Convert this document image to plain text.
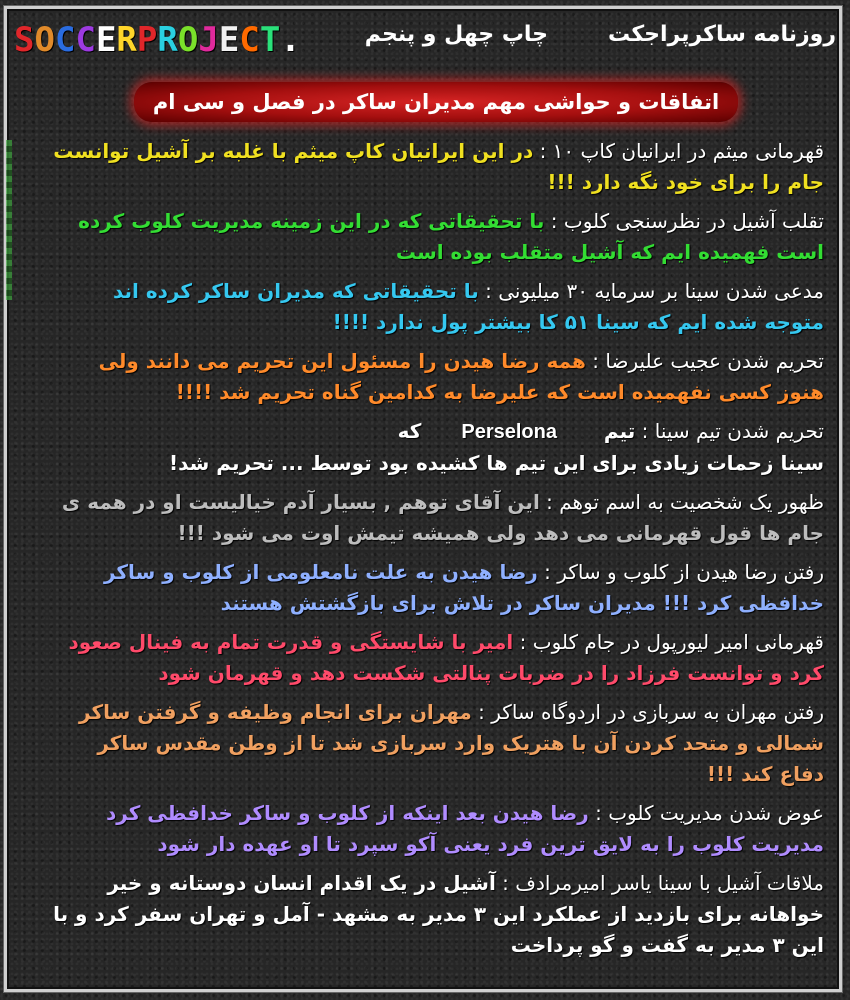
S O C C E R P R O J E C T .	روزنامه ساکرپراجکت
چاپ چهل و پنجم
اتفاقات و حواشی مهم مدیران ساکر در فصل و سی ام
قهرمانی میثم در ایرانیان کاپ ۱۰ : در این ایرانیان کاپ میثم با غلبه بر آشیل توانست جام را برای خود نگه دارد !!!
تقلب آشیل در نظرسنجی کلوب : با تحقیقاتی که در این زمینه مدیریت کلوب کرده است فهمیده ایم که آشیل متقلب بوده است
مدعی شدن سینا بر سرمایه ۳۰ میلیونی : با تحقیقاتی که مدیران ساکر کرده اند متوجه شده ایم که سینا ۵۱ کا بیشتر پول ندارد !!!!
تحریم شدن عجیب علیرضا : همه رضا هیدن را مسئول این تحریم می دانند ولی هنوز کسی نفهمیده است که علیرضا به کدامین گناه تحریم شد !!!!
تحریم شدن تیم سینا : تیم   Perselona  که
سینا زحمات زیادی برای این تیم ها کشیده بود توسط ... تحریم شد!
ظهور یک شخصیت به اسم توهم : این آقای توهم , بسیار آدم خیالیست او در همه ی جام ها قول قهرمانی می دهد ولی همیشه تیمش اوت می شود !!!
رفتن رضا هیدن از کلوب و ساکر : رضا هیدن به علت نامعلومی از کلوب و ساکر خدافظی کرد !!! مدیران ساکر در تلاش برای بازگشتش هستند
قهرمانی امیر لیورپول در جام کلوب : امیر با شایستگی و قدرت تمام به فینال صعود کرد و توانست فرزاد را در ضربات پنالتی شکست دهد و قهرمان شود
رفتن مهران به سربازی در اردوگاه ساکر : مهران برای انجام وظیفه و گرفتن ساکر شمالی و متحد کردن آن با هتریک وارد سربازی شد تا از وطن مقدس ساکر دفاع کند !!!
عوض شدن مدیریت کلوب : رضا هیدن بعد اینکه از کلوب و ساکر خدافظی کرد مدیریت کلوب را به لایق ترین فرد یعنی آکو سپرد تا او عهده دار شود
ملاقات آشیل با سینا یاسر امیرمرادف : آشیل در یک اقدام انسان دوستانه و خیر خواهانه برای بازدید از عملکرد این ۳ مدیر به مشهد - آمل و تهران سفر کرد و با این ۳ مدیر به گفت و گو پرداخت
